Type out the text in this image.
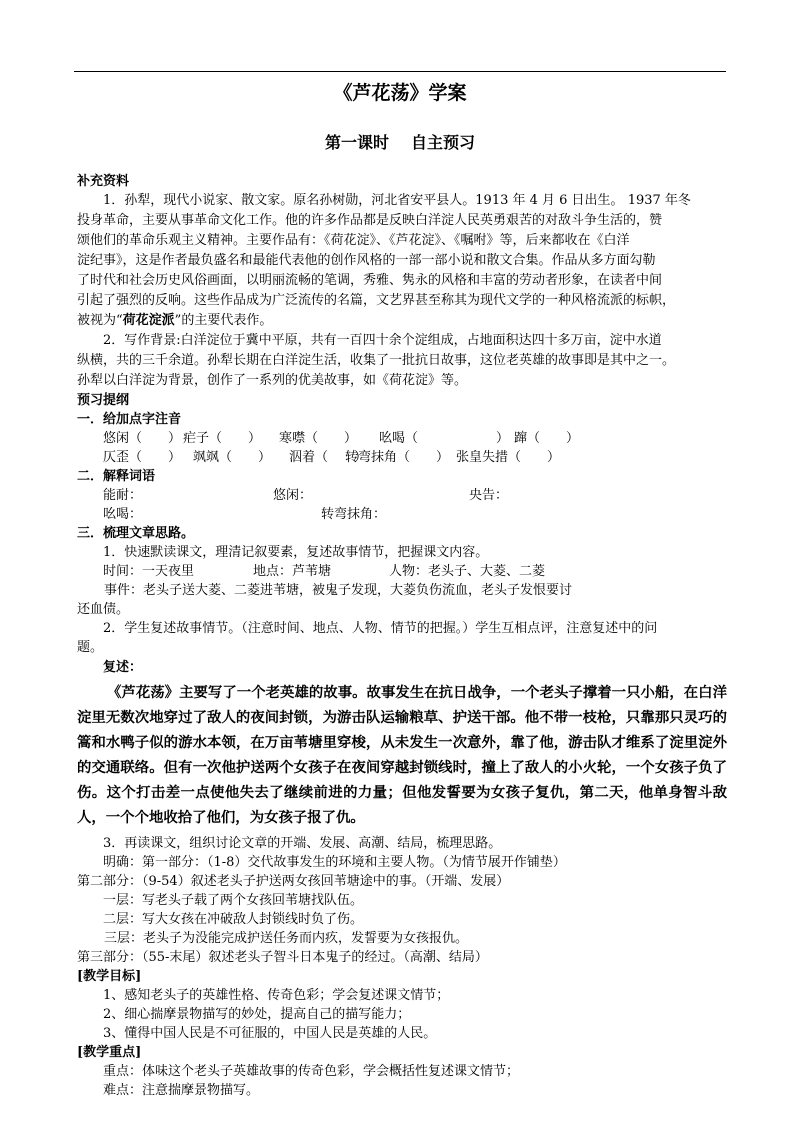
《芦花荡》学案
第一课时 自主预习
补充资料
1．孙犁，现代小说家、散文家。原名孙树勋，河北省安平县人。1913 年 4 月 6 日出生。 1937 年冬
投身革命，主要从事革命文化工作。他的许多作品都是反映白洋淀人民英勇艰苦的对敌斗争生活的，赞
颂他们的革命乐观主义精神。主要作品有：《荷花淀》、《芦花淀》、《嘱咐》等，后来都收在《白洋
淀纪事》，这是作者最负盛名和最能代表他的创作风格的一部一部小说和散文合集。作品从多方面勾勒
了时代和社会历史风俗画面，以明丽流畅的笔调，秀雅、隽永的风格和丰富的劳动者形象，在读者中间
引起了强烈的反响。这些作品成为广泛流传的名篇，文艺界甚至称其为现代文学的一种风格流派的标帜，
被视为“荷花淀派”的主要代表作。
2．写作背景:白洋淀位于冀中平原，共有一百四十余个淀组成，占地面积达四十多万亩，淀中水道
纵横，共的三千余道。孙犁长期在白洋淀生活，收集了一批抗日故事，这位老英雄的故事即是其中之一。
孙犁以白洋淀为背景，创作了一系列的优美故事，如《荷花淀》等。
预习提纲
一．给加点字注音
悠闲（　　） 疟子（　　） 寒噤（　　） 吆喝（　　　　　　） 蹿（　　）
仄歪（　　） 飒飒（　　） 泅着（　　）转弯抹角（　　） 张皇失措（　　）
二．解释词语
能耐：	悠闲：	央告：
吆喝：	转弯抹角：
三．梳理文章思路。
1．快速默读课文，理清记叙要素，复述故事情节，把握课文内容。
时间：一天夜里	地点：芦苇塘	人物：老头子、大菱、二菱
事件：老头子送大菱、二菱进苇塘，被鬼子发现，大菱负伤流血，老头子发恨要讨
还血债。
2．学生复述故事情节。（注意时间、地点、人物、情节的把握。）学生互相点评，注意复述中的问
题。
复述：
《芦花荡》主要写了一个老英雄的故事。故事发生在抗日战争，一个老头子撑着一只小船，在白洋淀里无数次地穿过了敌人的夜间封锁，为游击队运输粮草、护送干部。他不带一枝枪，只靠那只灵巧的篙和水鸭子似的游水本领，在万亩苇塘里穿梭，从未发生一次意外，靠了他，游击队才维系了淀里淀外的交通联络。但有一次他护送两个女孩子在夜间穿越封锁线时，撞上了敌人的小火轮，一个女孩子负了伤。这个打击差一点使他失去了继续前进的力量；但他发誓要为女孩子复仇，第二天，他单身智斗敌人，一个个地收拾了他们，为女孩子报了仇。
3．再读课文，组织讨论文章的开端、发展、高潮、结局，梳理思路。
明确：第一部分：（1-8）交代故事发生的环境和主要人物。（为情节展开作铺垫）
第二部分：（9-54）叙述老头子护送两女孩回苇塘途中的事。（开端、发展）
一层：写老头子载了两个女孩回苇塘找队伍。
二层：写大女孩在冲破敌人封锁线时负了伤。
三层：老头子为没能完成护送任务而内疚，发誓要为女孩报仇。
第三部分：（55-末尾）叙述老头子智斗日本鬼子的经过。（高潮、结局）
[教学目标]
1、感知老头子的英雄性格、传奇色彩；学会复述课文情节；
2、细心揣摩景物描写的妙处，提高自己的描写能力；
3、懂得中国人民是不可征服的，中国人民是英雄的人民。
[教学重点]
重点：体味这个老头子英雄故事的传奇色彩，学会概括性复述课文情节；
难点：注意揣摩景物描写。
